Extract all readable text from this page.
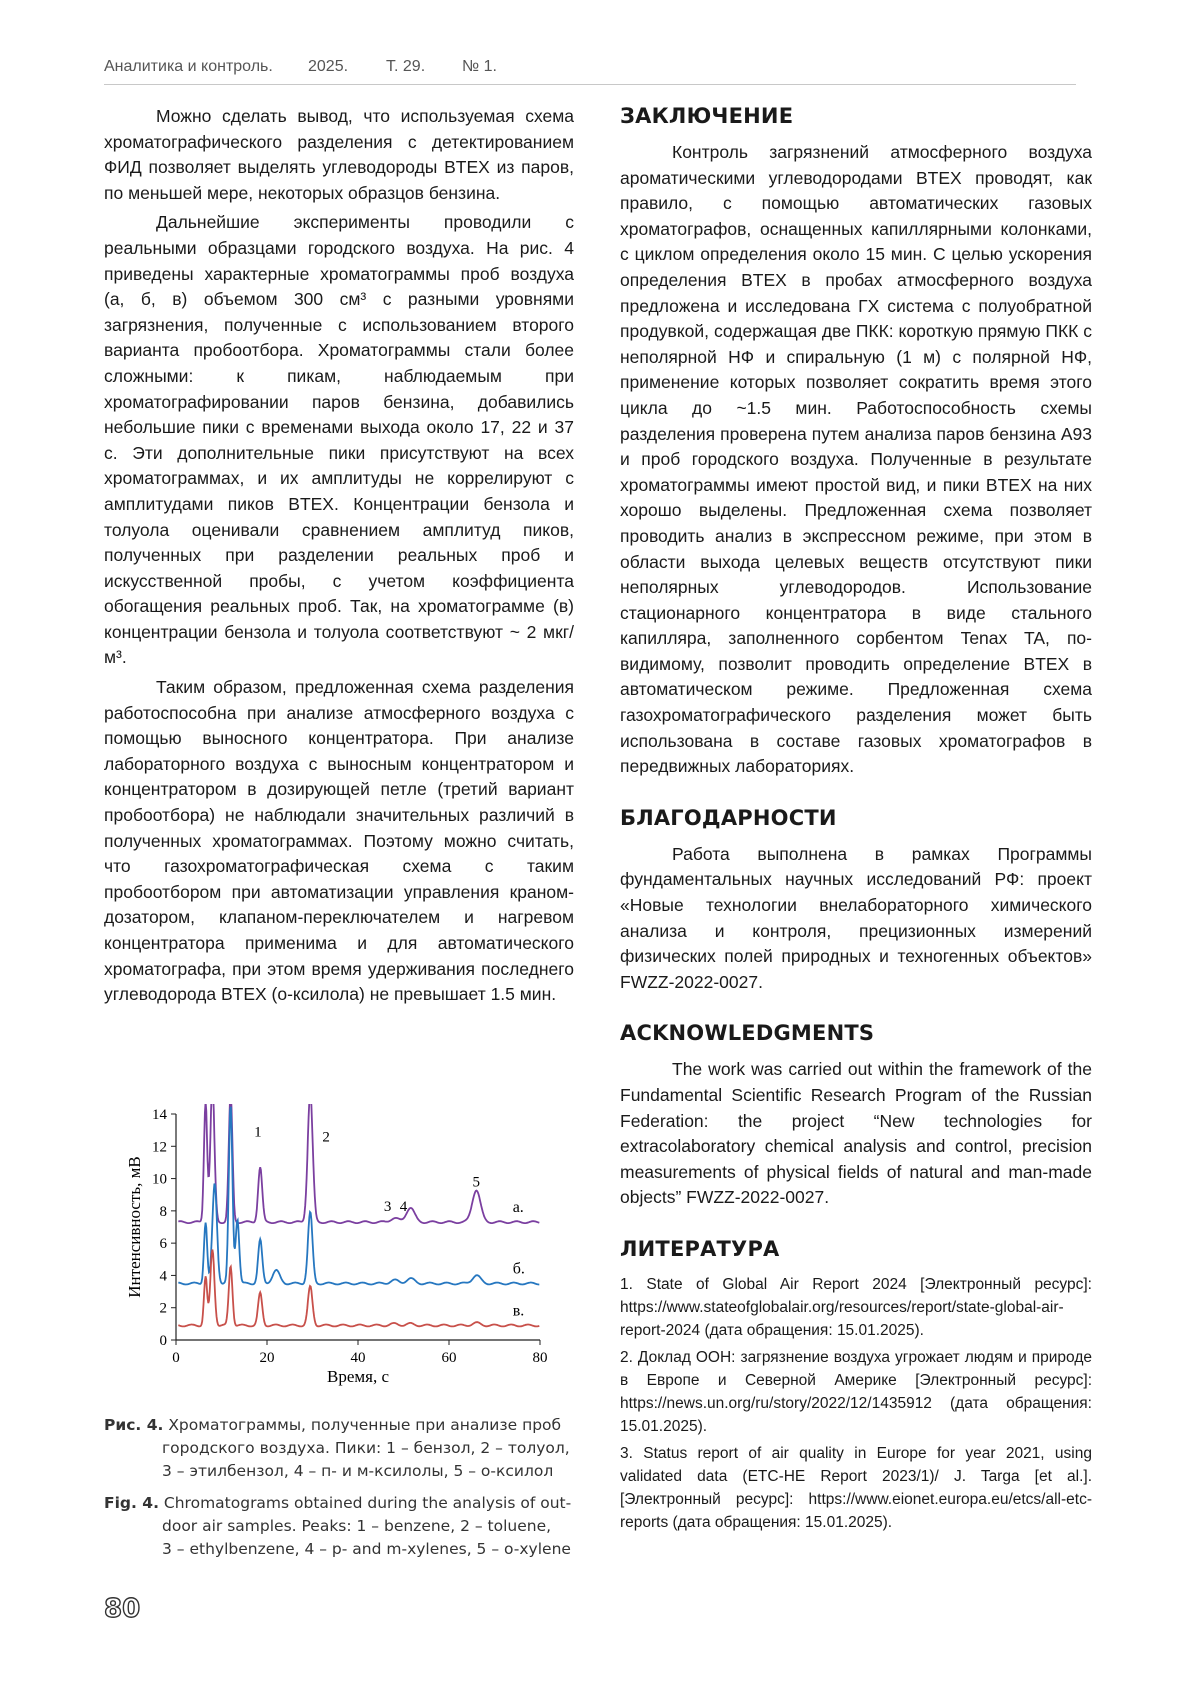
Аналитика и контроль. 2025. Т. 29. № 1.

Можно сделать вывод, что используемая схема хроматографического разделения с детектированием ФИД позволяет выделять углеводороды BTEX из паров, по меньшей мере, некоторых образцов бензина.

Дальнейшие эксперименты проводили с реальными образцами городского воздуха. На рис. 4 приведены характерные хроматограммы проб воздуха (а, б, в) объемом 300 см³ с разными уровнями загрязнения, полученные с использованием второго варианта пробоотбора. Хроматограммы стали более сложными: к пикам, наблюдаемым при хроматографировании паров бензина, добавились небольшие пики с временами выхода около 17, 22 и 37 с. Эти дополнительные пики присутствуют на всех хроматограммах, и их амплитуды не коррелируют с амплитудами пиков BTEX. Концентрации бензола и толуола оценивали сравнением амплитуд пиков, полученных при разделении реальных проб и искусственной пробы, с учетом коэффициента обогащения реальных проб. Так, на хроматограмме (в) концентрации бензола и толуола соответствуют ~ 2 мкг/м³.

Таким образом, предложенная схема разделения работоспособна при анализе атмосферного воздуха с помощью выносного концентратора. При анализе лабораторного воздуха с выносным концентратором и концентратором в дозирующей петле (третий вариант пробоотбора) не наблюдали значительных различий в полученных хроматограммах. Поэтому можно считать, что газохроматографическая схема с таким пробоотбором при автоматизации управления краном-дозатором, клапаном-переключателем и нагревом концентратора применима и для автоматического хроматографа, при этом время удерживания последнего углеводорода BTEX (о-ксилола) не превышает 1.5 мин.

0	20	40	60	80
0
2
4
6
8
10
12
14
Время, с
Интенсивность, мВ	а.
б.
в.
1	2
3 4
5
Рис. 4. Хроматограммы, полученные при анализе проб
городского воздуха. Пики: 1 – бензол, 2 – толуол,
3 – этилбензол, 4 – п- и м-ксилолы, 5 – о-ксилол
Fig. 4. Chromatograms obtained during the analysis of out-
door air samples. Peaks: 1 – benzene, 2 – toluene,
3 – ethylbenzene, 4 – p- and m-xylenes, 5 – o-xylene
ЗАКЛЮЧЕНИЕ

Контроль загрязнений атмосферного воздуха ароматическими углеводородами BTEX проводят, как правило, с помощью автоматических газовых хроматографов, оснащенных капиллярными колонками, с циклом определения около 15 мин. С целью ускорения определения BTEX в пробах атмосферного воздуха предложена и исследована ГХ система с полуобратной продувкой, содержащая две ПКК: короткую прямую ПКК с неполярной НФ и спиральную (1 м) с полярной НФ, применение которых позволяет сократить время этого цикла до ~1.5 мин. Работоспособность схемы разделения проверена путем анализа паров бензина А93 и проб городского воздуха. Полученные в результате хроматограммы имеют простой вид, и пики BTEX на них хорошо выделены. Предложенная схема позволяет проводить анализ в экспрессном режиме, при этом в области выхода целевых веществ отсутствуют пики неполярных углеводородов. Использование стационарного концентратора в виде стального капилляра, заполненного сорбентом Tenax TA, по-видимому, позволит проводить определение BTEX в автоматическом режиме. Предложенная схема газохроматографического разделения может быть использована в составе газовых хроматографов в передвижных лабораториях.

БЛАГОДАРНОСТИ

Работа выполнена в рамках Программы фундаментальных научных исследований РФ: проект «Новые технологии внелабораторного химического анализа и контроля, прецизионных измерений физических полей природных и техногенных объектов» FWZZ-2022-0027.

ACKNOWLEDGMENTS

The work was carried out within the framework of the Fundamental Scientific Research Program of the Russian Federation: the project “New technologies for extracolaboratory chemical analysis and control, precision measurements of physical fields of natural and man-made objects” FWZZ-2022-0027.

ЛИТЕРАТУРА

1. State of Global Air Report 2024 [Электронный ресурс]: https://www.stateofglobalair.org/resources/report/state-global-air-report-2024 (дата обращения: 15.01.2025).

2. Доклад ООН: загрязнение воздуха угрожает людям и природе в Европе и Северной Америке [Электронный ресурс]: https://news.un.org/ru/story/2022/12/1435912 (дата обращения: 15.01.2025).

3. Status report of air quality in Europe for year 2021, using validated data (ETC-HE Report 2023/1)/ J. Targa [et al.]. [Электронный ресурс]: https://www.eionet.europa.eu/etcs/all-etc-reports (дата обращения: 15.01.2025).

80
